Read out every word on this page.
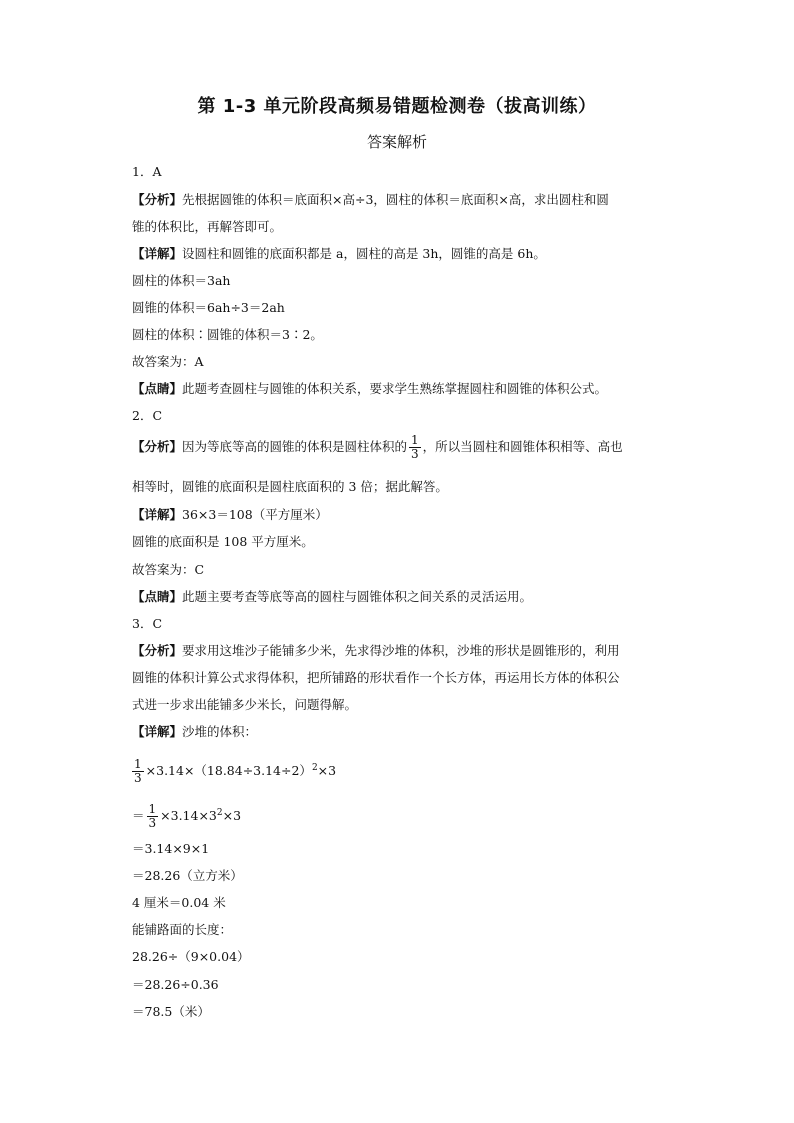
第 1-3 单元阶段高频易错题检测卷（拔高训练）
答案解析
1．A
【分析】先根据圆锥的体积＝底面积×高÷3，圆柱的体积＝底面积×高，求出圆柱和圆
锥的体积比，再解答即可。
【详解】设圆柱和圆锥的底面积都是 a，圆柱的高是 3h，圆锥的高是 6h。
圆柱的体积＝3ah
圆锥的体积＝6ah÷3＝2ah
圆柱的体积∶圆锥的体积＝3∶2。
故答案为：A
【点睛】此题考查圆柱与圆锥的体积关系，要求学生熟练掌握圆柱和圆锥的体积公式。
2．C
【分析】因为等底等高的圆锥的体积是圆柱体积的 $\frac{1}{3}$ ，所以当圆柱和圆锥体积相等、高也
相等时，圆锥的底面积是圆柱底面积的 3 倍；据此解答。
【详解】36×3＝108（平方厘米）
圆锥的底面积是 108 平方厘米。
故答案为：C
【点睛】此题主要考查等底等高的圆柱与圆锥体积之间关系的灵活运用。
3．C
【分析】要求用这堆沙子能铺多少米，先求得沙堆的体积，沙堆的形状是圆锥形的，利用
圆锥的体积计算公式求得体积，把所铺路的形状看作一个长方体，再运用长方体的体积公
式进一步求出能铺多少米长，问题得解。
【详解】沙堆的体积：
$\frac{1}{3} \times 3.14\times(18.84\div 3.14\div 2)^2\times 3$
＝ $\frac{1}{3} \times 3.14\times 3^2\times 3$
＝3.14×9×1
＝28.26（立方米）
4 厘米＝0.04 米
能铺路面的长度：
28.26÷（9×0.04）
＝28.26÷0.36
＝78.5（米）
